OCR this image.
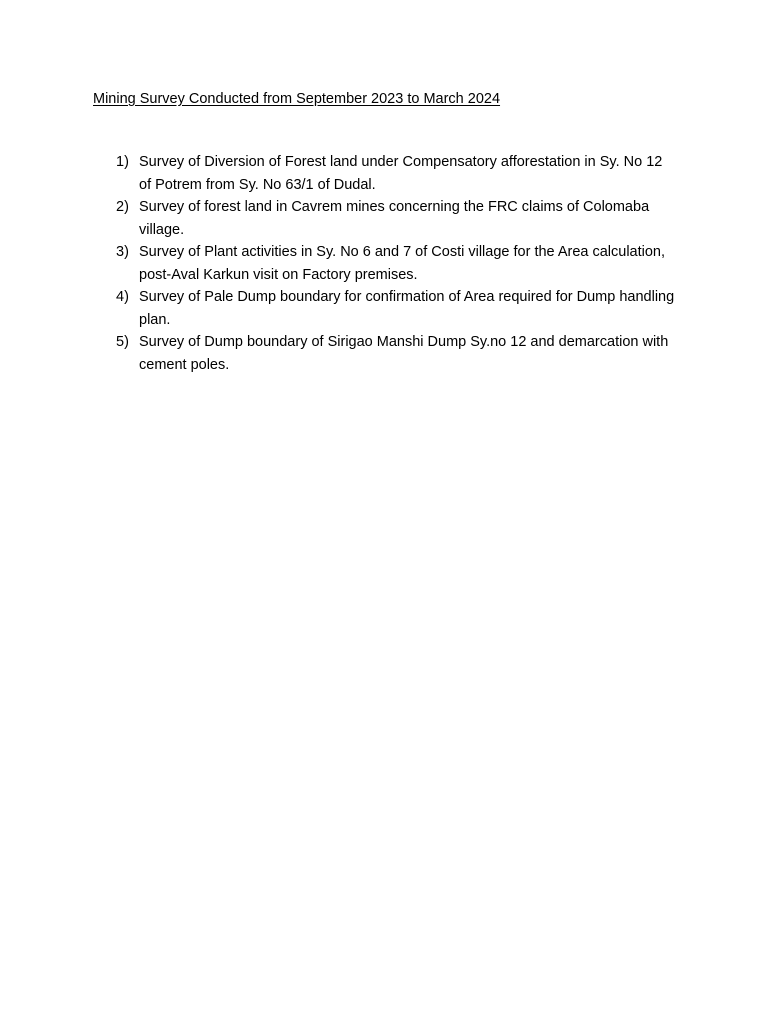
Mining Survey Conducted from September 2023 to March 2024
1) Survey of Diversion of Forest land under Compensatory afforestation in Sy. No 12 of Potrem from Sy. No 63/1 of Dudal.
2) Survey of forest land in Cavrem mines concerning the FRC claims of Colomaba village.
3) Survey of Plant activities in Sy. No 6 and 7 of Costi village for the Area calculation, post-Aval Karkun visit on Factory premises.
4) Survey of Pale Dump boundary for confirmation of Area required for Dump handling plan.
5) Survey of Dump boundary of Sirigao Manshi Dump Sy.no 12 and demarcation with cement poles.
